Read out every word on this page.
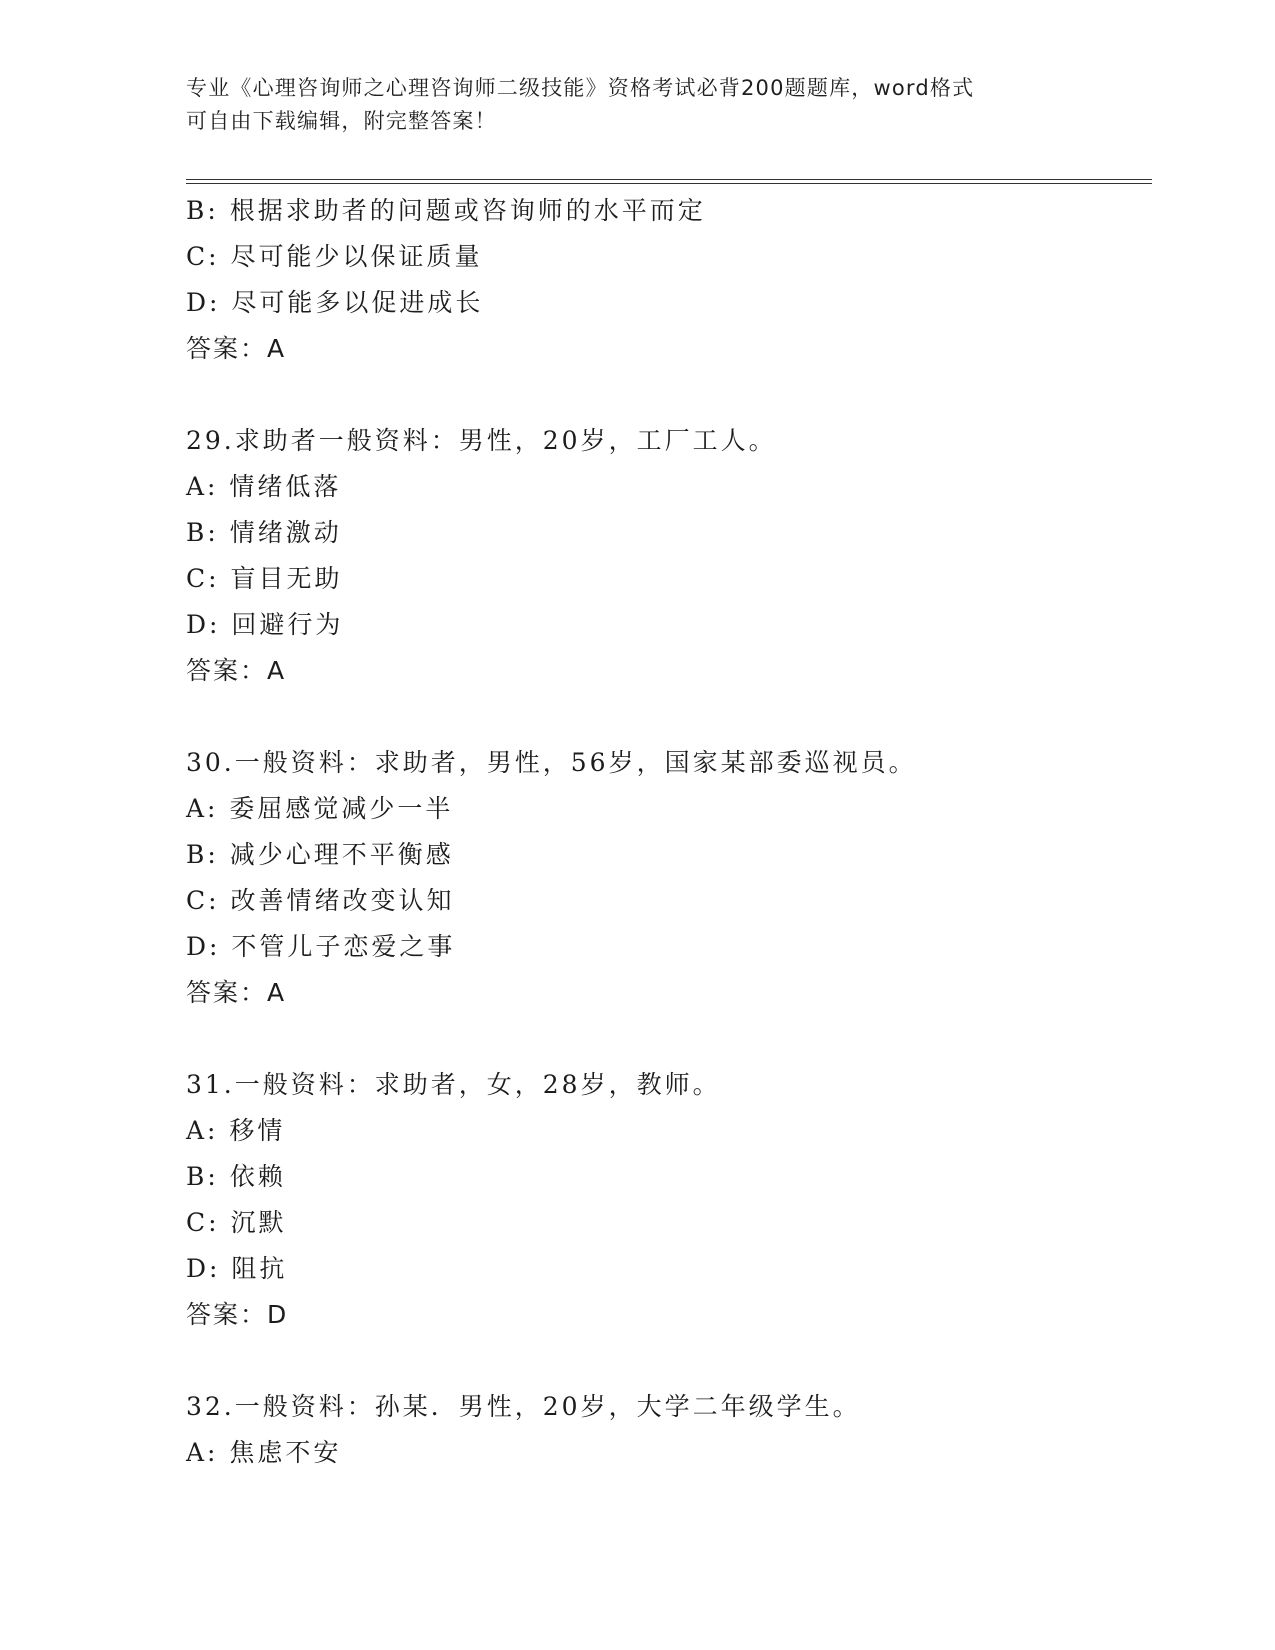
专业《心理咨询师之心理咨询师二级技能》资格考试必背200题题库，word格式

可自由下载编辑，附完整答案！

B: 根据求助者的问题或咨询师的水平而定
C: 尽可能少以保证质量
D: 尽可能多以促进成长
答案：A
29.求助者一般资料：男性，20岁，工厂工人。
A: 情绪低落
B: 情绪激动
C: 盲目无助
D: 回避行为
答案：A
30.一般资料：求助者，男性，56岁，国家某部委巡视员。
A: 委屈感觉减少一半
B: 减少心理不平衡感
C: 改善情绪改变认知
D: 不管儿子恋爱之事
答案：A
31.一般资料：求助者，女，28岁，教师。
A: 移情
B: 依赖
C: 沉默
D: 阻抗
答案：D
32.一般资料：孙某．男性，20岁，大学二年级学生。
A: 焦虑不安
